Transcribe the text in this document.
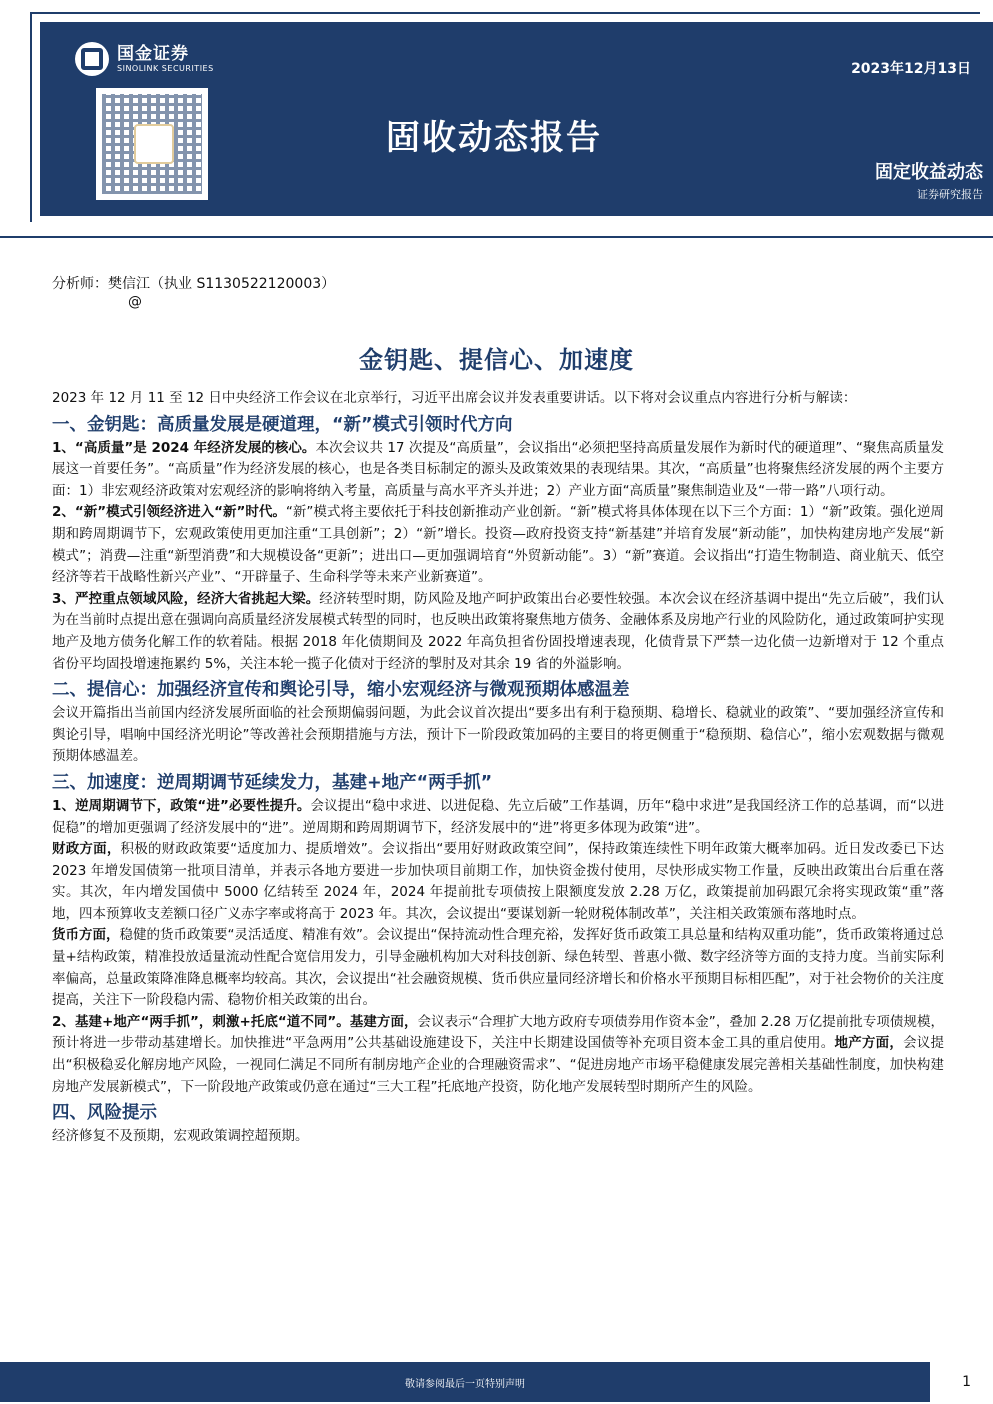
国金证券
SINOLINK SECURITIES
固收动态报告
2023年12月13日
固定收益动态
证券研究报告
分析师：樊信江（执业 S1130522120003）
@
金钥匙、提信心、加速度

2023 年 12 月 11 至 12 日中央经济工作会议在北京举行，习近平出席会议并发表重要讲话。以下将对会议重点内容进行分析与解读：

一、金钥匙：高质量发展是硬道理，“新”模式引领时代方向

1、“高质量”是 2024 年经济发展的核心。本次会议共 17 次提及“高质量”，会议指出“必须把坚持高质量发展作为新时代的硬道理”、“聚焦高质量发展这一首要任务”。“高质量”作为经济发展的核心，也是各类目标制定的源头及政策效果的表现结果。其次，“高质量”也将聚焦经济发展的两个主要方面：1）非宏观经济政策对宏观经济的影响将纳入考量，高质量与高水平齐头并进；2）产业方面“高质量”聚焦制造业及“一带一路”八项行动。

2、“新”模式引领经济进入“新”时代。“新”模式将主要依托于科技创新推动产业创新。“新”模式将具体体现在以下三个方面：1）“新”政策。强化逆周期和跨周期调节下，宏观政策使用更加注重“工具创新”；2）“新”增长。投资—政府投资支持“新基建”并培育发展“新动能”，加快构建房地产发展“新模式”；消费—注重“新型消费”和大规模设备“更新”；进出口—更加强调培育“外贸新动能”。3）“新”赛道。会议指出“打造生物制造、商业航天、低空经济等若干战略性新兴产业”、“开辟量子、生命科学等未来产业新赛道”。

3、严控重点领域风险，经济大省挑起大梁。经济转型时期，防风险及地产呵护政策出台必要性较强。本次会议在经济基调中提出“先立后破”，我们认为在当前时点提出意在强调向高质量经济发展模式转型的同时，也反映出政策将聚焦地方债务、金融体系及房地产行业的风险防化，通过政策呵护实现地产及地方债务化解工作的软着陆。根据 2018 年化债期间及 2022 年高负担省份固投增速表现，化债背景下严禁一边化债一边新增对于 12 个重点省份平均固投增速拖累约 5%，关注本轮一揽子化债对于经济的掣肘及对其余 19 省的外溢影响。

二、提信心：加强经济宣传和舆论引导，缩小宏观经济与微观预期体感温差

会议开篇指出当前国内经济发展所面临的社会预期偏弱问题，为此会议首次提出“要多出有利于稳预期、稳增长、稳就业的政策”、“要加强经济宣传和舆论引导，唱响中国经济光明论”等改善社会预期措施与方法，预计下一阶段政策加码的主要目的将更侧重于“稳预期、稳信心”，缩小宏观数据与微观预期体感温差。

三、加速度：逆周期调节延续发力，基建+地产“两手抓”

1、逆周期调节下，政策“进”必要性提升。会议提出“稳中求进、以进促稳、先立后破”工作基调，历年“稳中求进”是我国经济工作的总基调，而“以进促稳”的增加更强调了经济发展中的“进”。逆周期和跨周期调节下，经济发展中的“进”将更多体现为政策“进”。

财政方面，积极的财政政策要“适度加力、提质增效”。会议指出“要用好财政政策空间”，保持政策连续性下明年政策大概率加码。近日发改委已下达 2023 年增发国债第一批项目清单，并表示各地方要进一步加快项目前期工作，加快资金拨付使用，尽快形成实物工作量，反映出政策出台后重在落实。其次，年内增发国债中 5000 亿结转至 2024 年，2024 年提前批专项债按上限额度发放 2.28 万亿，政策提前加码跟冗余将实现政策“重”落地，四本预算收支差额口径广义赤字率或将高于 2023 年。其次，会议提出“要谋划新一轮财税体制改革”，关注相关政策颁布落地时点。

货币方面，稳健的货币政策要“灵活适度、精准有效”。会议提出“保持流动性合理充裕，发挥好货币政策工具总量和结构双重功能”，货币政策将通过总量+结构政策，精准投放适量流动性配合宽信用发力，引导金融机构加大对科技创新、绿色转型、普惠小微、数字经济等方面的支持力度。当前实际利率偏高，总量政策降准降息概率均较高。其次，会议提出“社会融资规模、货币供应量同经济增长和价格水平预期目标相匹配”，对于社会物价的关注度提高，关注下一阶段稳内需、稳物价相关政策的出台。

2、基建+地产“两手抓”，刺激+托底“道不同”。基建方面，会议表示“合理扩大地方政府专项债券用作资本金”，叠加 2.28 万亿提前批专项债规模，预计将进一步带动基建增长。加快推进“平急两用”公共基础设施建设下，关注中长期建设国债等补充项目资本金工具的重启使用。地产方面，会议提出“积极稳妥化解房地产风险，一视同仁满足不同所有制房地产企业的合理融资需求”、“促进房地产市场平稳健康发展完善相关基础性制度，加快构建房地产发展新模式”，下一阶段地产政策或仍意在通过“三大工程”托底地产投资，防化地产发展转型时期所产生的风险。

四、风险提示

经济修复不及预期，宏观政策调控超预期。

敬请参阅最后一页特别声明	1
